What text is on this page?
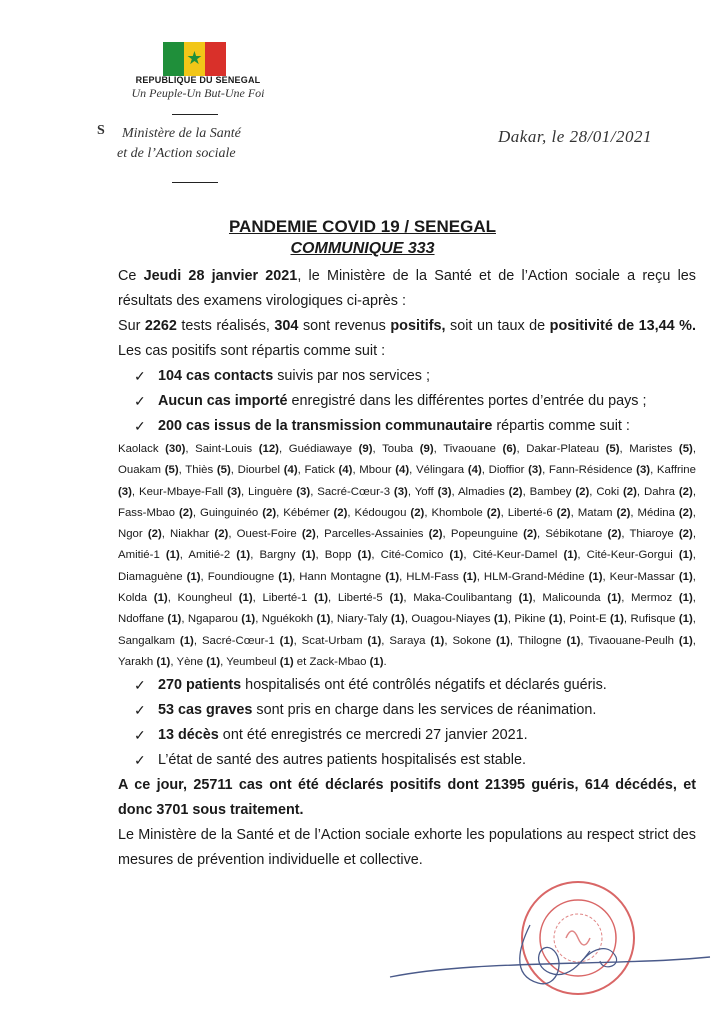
★
REPUBLIQUE DU SENEGAL
Un Peuple-Un But-Une Foi
S Ministère de la Santé
et de l’Action sociale
Dakar, le 28/01/2021
PANDEMIE COVID 19 / SENEGAL
COMMUNIQUE 333

Ce Jeudi 28 janvier 2021, le Ministère de la Santé et de l’Action sociale a reçu les résultats des examens virologiques ci-après :

Sur 2262 tests réalisés, 304 sont revenus positifs, soit un taux de positivité de 13,44 %. Les cas positifs sont répartis comme suit :

✓ 104 cas contacts suivis par nos services ;

✓ Aucun cas importé enregistré dans les différentes portes d’entrée du pays ;

✓ 200 cas issus de la transmission communautaire répartis comme suit :

Kaolack (30), Saint-Louis (12), Guédiawaye (9), Touba (9), Tivaouane (6), Dakar-Plateau (5), Maristes (5), Ouakam (5), Thiès (5), Diourbel (4), Fatick (4), Mbour (4), Vélingara (4), Dioffior (3), Fann-Résidence (3), Kaffrine (3), Keur-Mbaye-Fall (3), Linguère (3), Sacré-Cœur-3 (3), Yoff (3), Almadies (2), Bambey (2), Coki (2), Dahra (2), Fass-Mbao (2), Guinguinéo (2), Kébémer (2), Kédougou (2), Khombole (2), Liberté-6 (2), Matam (2), Médina (2), Ngor (2), Niakhar (2), Ouest-Foire (2), Parcelles-Assainies (2), Popeunguine (2), Sébikotane (2), Thiaroye (2), Amitié-1 (1), Amitié-2 (1), Bargny (1), Bopp (1), Cité-Comico (1), Cité-Keur-Damel (1), Cité-Keur-Gorgui (1), Diamaguène (1), Foundiougne (1), Hann Montagne (1), HLM-Fass (1), HLM-Grand-Médine (1), Keur-Massar (1), Kolda (1), Koungheul (1), Liberté-1 (1), Liberté-5 (1), Maka-Coulibantang (1), Malicounda (1), Mermoz (1), Ndoffane (1), Ngaparou (1), Nguékokh (1), Niary-Taly (1), Ouagou-Niayes (1), Pikine (1), Point-E (1), Rufisque (1), Sangalkam (1), Sacré-Cœur-1 (1), Scat-Urbam (1), Saraya (1), Sokone (1), Thilogne (1), Tivaouane-Peulh (1), Yarakh (1), Yène (1), Yeumbeul (1) et Zack-Mbao (1).

✓ 270 patients hospitalisés ont été contrôlés négatifs et déclarés guéris.

✓ 53 cas graves sont pris en charge dans les services de réanimation.

✓ 13 décès ont été enregistrés ce mercredi 27 janvier 2021.

✓ L’état de santé des autres patients hospitalisés est stable.

A ce jour, 25711 cas ont été déclarés positifs dont 21395 guéris, 614 décédés, et donc 3701 sous traitement.

Le Ministère de la Santé et de l’Action sociale exhorte les populations au respect strict des mesures de prévention individuelle et collective.
